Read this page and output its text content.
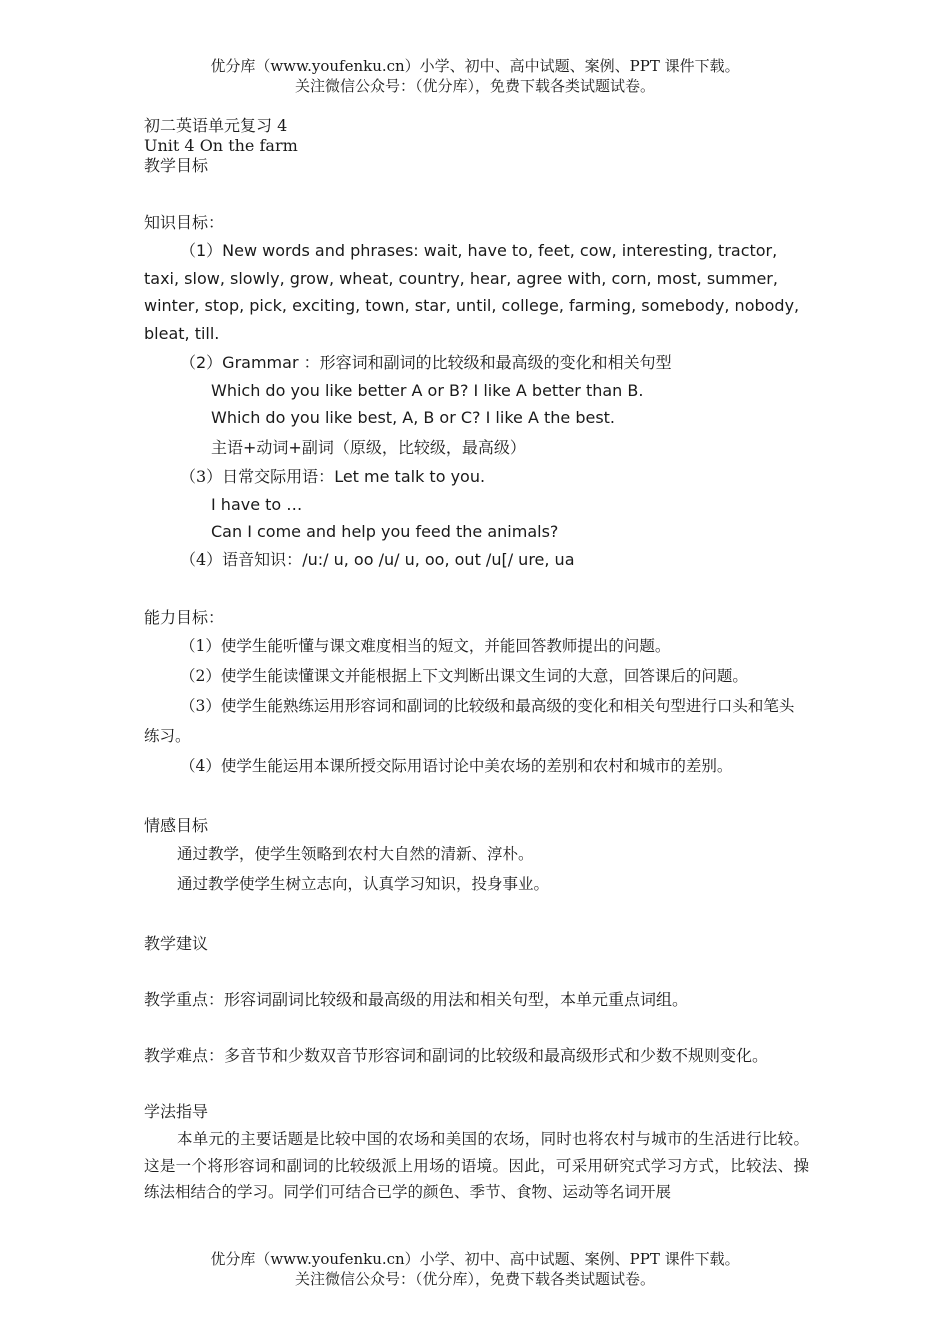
优分库（www.youfenku.cn）小学、初中、高中试题、案例、PPT 课件下载。
关注微信公众号：（优分库），免费下载各类试题试卷。
初二英语单元复习 4
Unit 4 On the farm
教学目标
知识目标：
（1）New words and phrases: wait, have to, feet, cow, interesting, tractor, taxi, slow, slowly, grow, wheat, country, hear, agree with, corn, most, summer, winter, stop, pick, exciting, town, star, until, college, farming, somebody, nobody, bleat, till.
（2）Grammar ：形容词和副词的比较级和最高级的变化和相关句型
Which do you like better A or B? I like A better than B.
Which do you like best, A, B or C? I like A the best.
主语+动词+副词（原级，比较级，最高级）
（3）日常交际用语：Let me talk to you.
I have to …
Can I come and help you feed the animals?
（4）语音知识：/u:/ u, oo /u/ u, oo, out /u[/ ure, ua
能力目标：
（1）使学生能听懂与课文难度相当的短文，并能回答教师提出的问题。
（2）使学生能读懂课文并能根据上下文判断出课文生词的大意，回答课后的问题。
（3）使学生能熟练运用形容词和副词的比较级和最高级的变化和相关句型进行口头和笔头练习。
（4）使学生能运用本课所授交际用语讨论中美农场的差别和农村和城市的差别。
情感目标
通过教学，使学生领略到农村大自然的清新、淳朴。
通过教学使学生树立志向，认真学习知识，投身事业。
教学建议
教学重点：形容词副词比较级和最高级的用法和相关句型，本单元重点词组。
教学难点：多音节和少数双音节形容词和副词的比较级和最高级形式和少数不规则变化。
学法指导
本单元的主要话题是比较中国的农场和美国的农场，同时也将农村与城市的生活进行比较。这是一个将形容词和副词的比较级派上用场的语境。因此，可采用研究式学习方式，比较法、操练法相结合的学习。同学们可结合已学的颜色、季节、食物、运动等名词开展
优分库（www.youfenku.cn）小学、初中、高中试题、案例、PPT 课件下载。
关注微信公众号：（优分库），免费下载各类试题试卷。
